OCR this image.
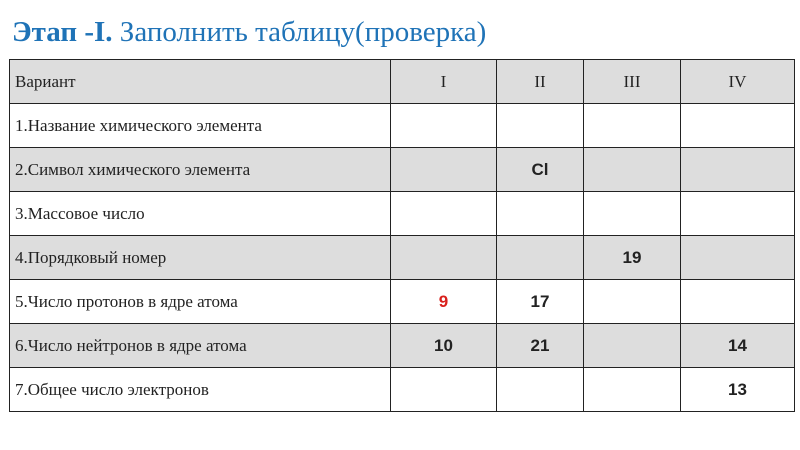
Этап -I. Заполнить таблицу(проверка)
Вариант	I	II	III	IV
1.Название химического элемента				
2.Символ химического элемента		Cl		
3.Массовое число				
4.Порядковый номер			19	
5.Число протонов в ядре атома	9	17		
6.Число нейтронов в ядре атома	10	21		14
7.Общее число электронов				13
